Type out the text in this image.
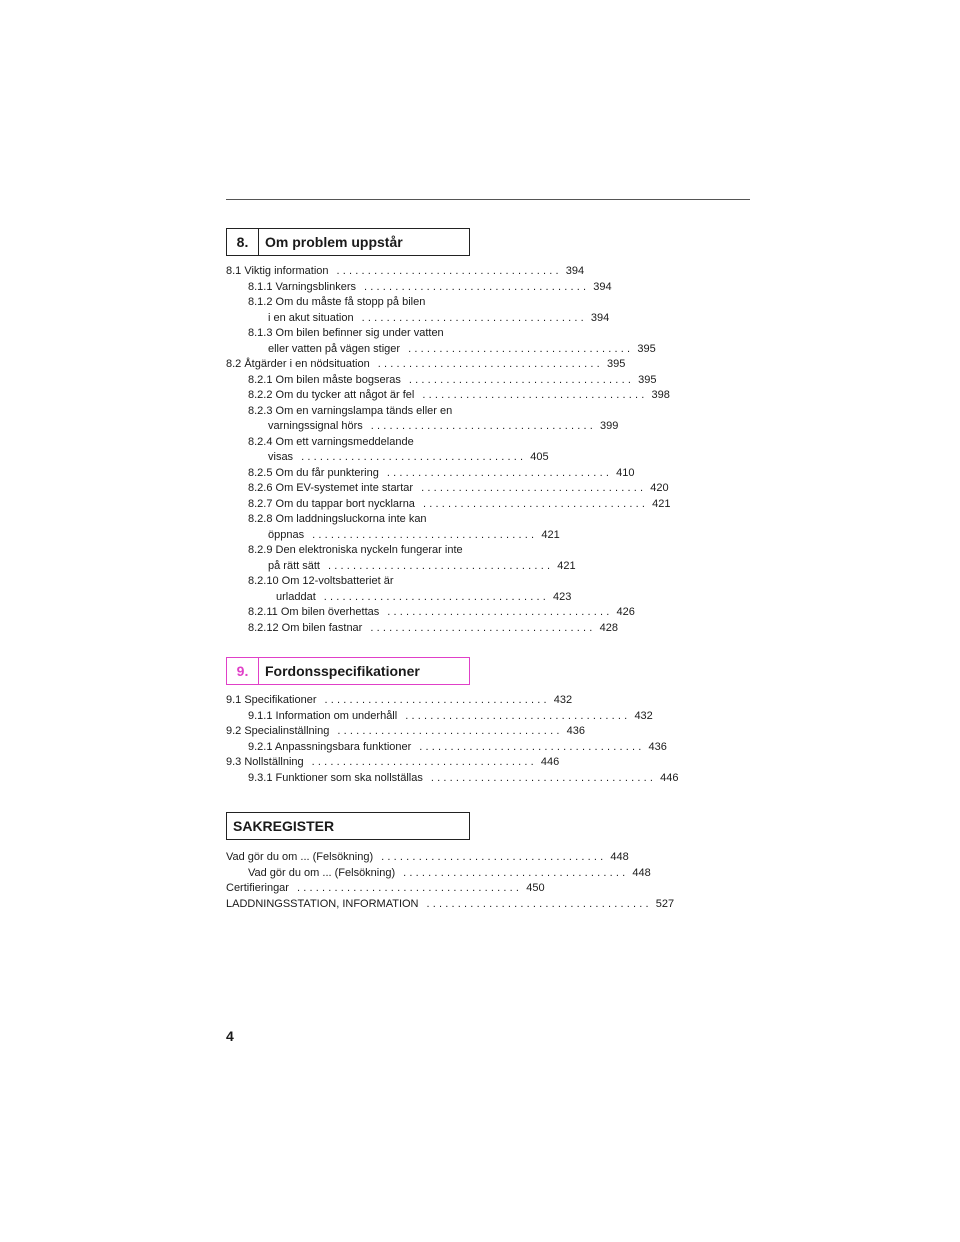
8.	Om problem uppstår
8.1 Viktig information .................................... 394
8.1.1 Varningsblinkers .................................... 394
8.1.2 Om du måste få stopp på bilen
i en akut situation .................................... 394
8.1.3 Om bilen befinner sig under vatten
eller vatten på vägen stiger .................................... 395
8.2 Åtgärder i en nödsituation .................................... 395
8.2.1 Om bilen måste bogseras .................................... 395
8.2.2 Om du tycker att något är fel .................................... 398
8.2.3 Om en varningslampa tänds eller en
varningssignal hörs .................................... 399
8.2.4 Om ett varningsmeddelande
visas .................................... 405
8.2.5 Om du får punktering .................................... 410
8.2.6 Om EV-systemet inte startar .................................... 420
8.2.7 Om du tappar bort nycklarna .................................... 421
8.2.8 Om laddningsluckorna inte kan
öppnas .................................... 421
8.2.9 Den elektroniska nyckeln fungerar inte
på rätt sätt .................................... 421
8.2.10 Om 12-voltsbatteriet är
urladdat .................................... 423
8.2.11 Om bilen överhettas .................................... 426
8.2.12 Om bilen fastnar .................................... 428
9.	Fordonsspecifikationer
9.1 Specifikationer .................................... 432
9.1.1 Information om underhåll .................................... 432
9.2 Specialinställning .................................... 436
9.2.1 Anpassningsbara funktioner .................................... 436
9.3 Nollställning .................................... 446
9.3.1 Funktioner som ska nollställas .................................... 446
SAKREGISTER
Vad gör du om ... (Felsökning) .................................... 448
Vad gör du om ... (Felsökning) .................................... 448
Certifieringar .................................... 450
LADDNINGSSTATION, INFORMATION .................................... 527
4
